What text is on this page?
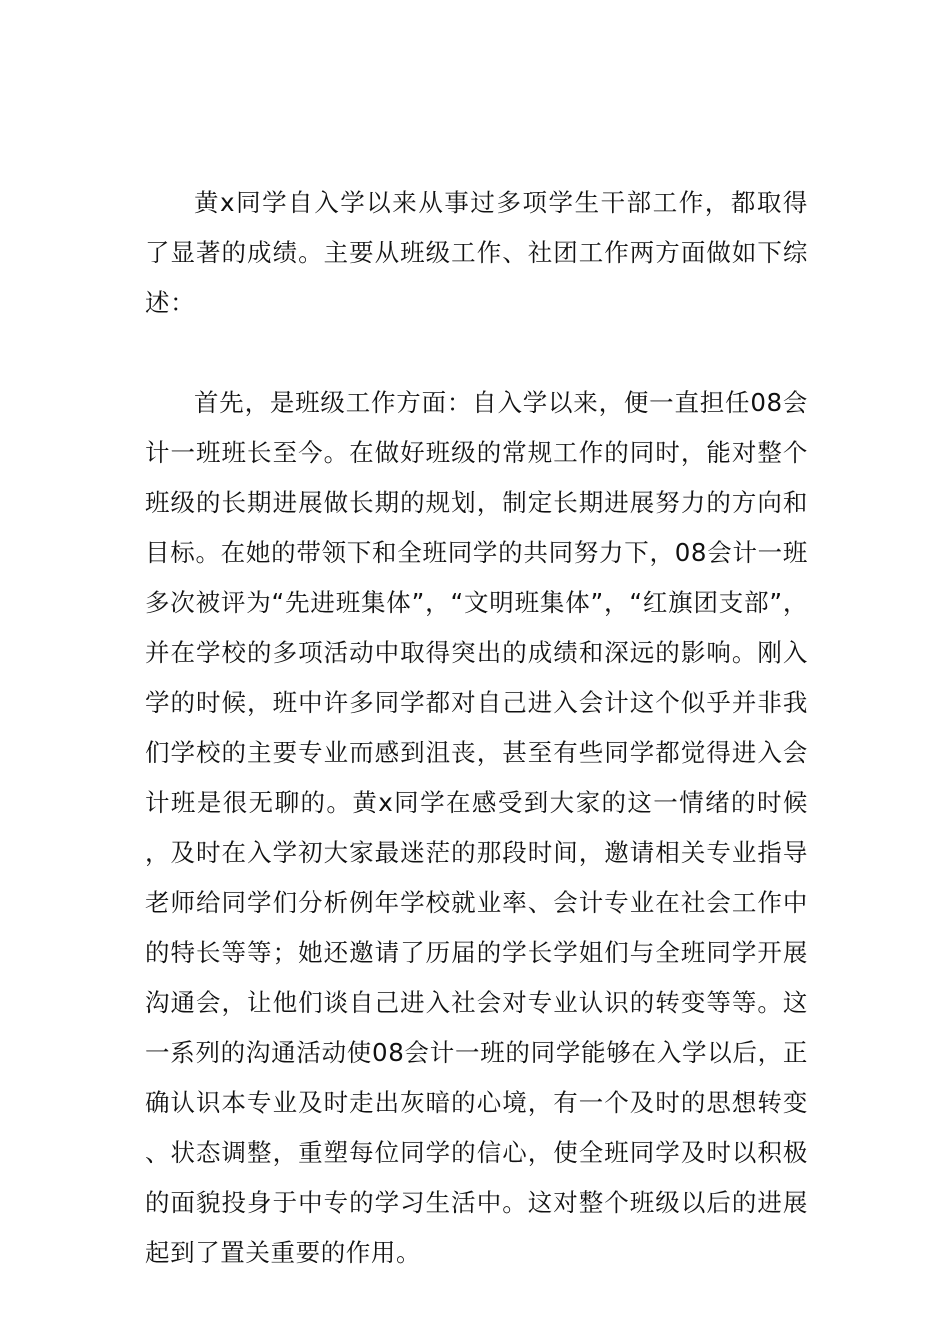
黄x同学自入学以来从事过多项学生干部工作，都取得了显著的成绩。主要从班级工作、社团工作两方面做如下综述：

首先，是班级工作方面：自入学以来，便一直担任08会计一班班长至今。在做好班级的常规工作的同时，能对整个班级的长期进展做长期的规划，制定长期进展努力的方向和目标。在她的带领下和全班同学的共同努力下，08会计一班多次被评为“先进班集体”，“文明班集体”，“红旗团支部”，并在学校的多项活动中取得突出的成绩和深远的影响。刚入学的时候，班中许多同学都对自己进入会计这个似乎并非我们学校的主要专业而感到沮丧，甚至有些同学都觉得进入会计班是很无聊的。黄x同学在感受到大家的这一情绪的时候，及时在入学初大家最迷茫的那段时间，邀请相关专业指导老师给同学们分析例年学校就业率、会计专业在社会工作中的特长等等；她还邀请了历届的学长学姐们与全班同学开展沟通会，让他们谈自己进入社会对专业认识的转变等等。这一系列的沟通活动使08会计一班的同学能够在入学以后，正确认识本专业及时走出灰暗的心境，有一个及时的思想转变、状态调整，重塑每位同学的信心，使全班同学及时以积极的面貌投身于中专的学习生活中。这对整个班级以后的进展起到了置关重要的作用。
